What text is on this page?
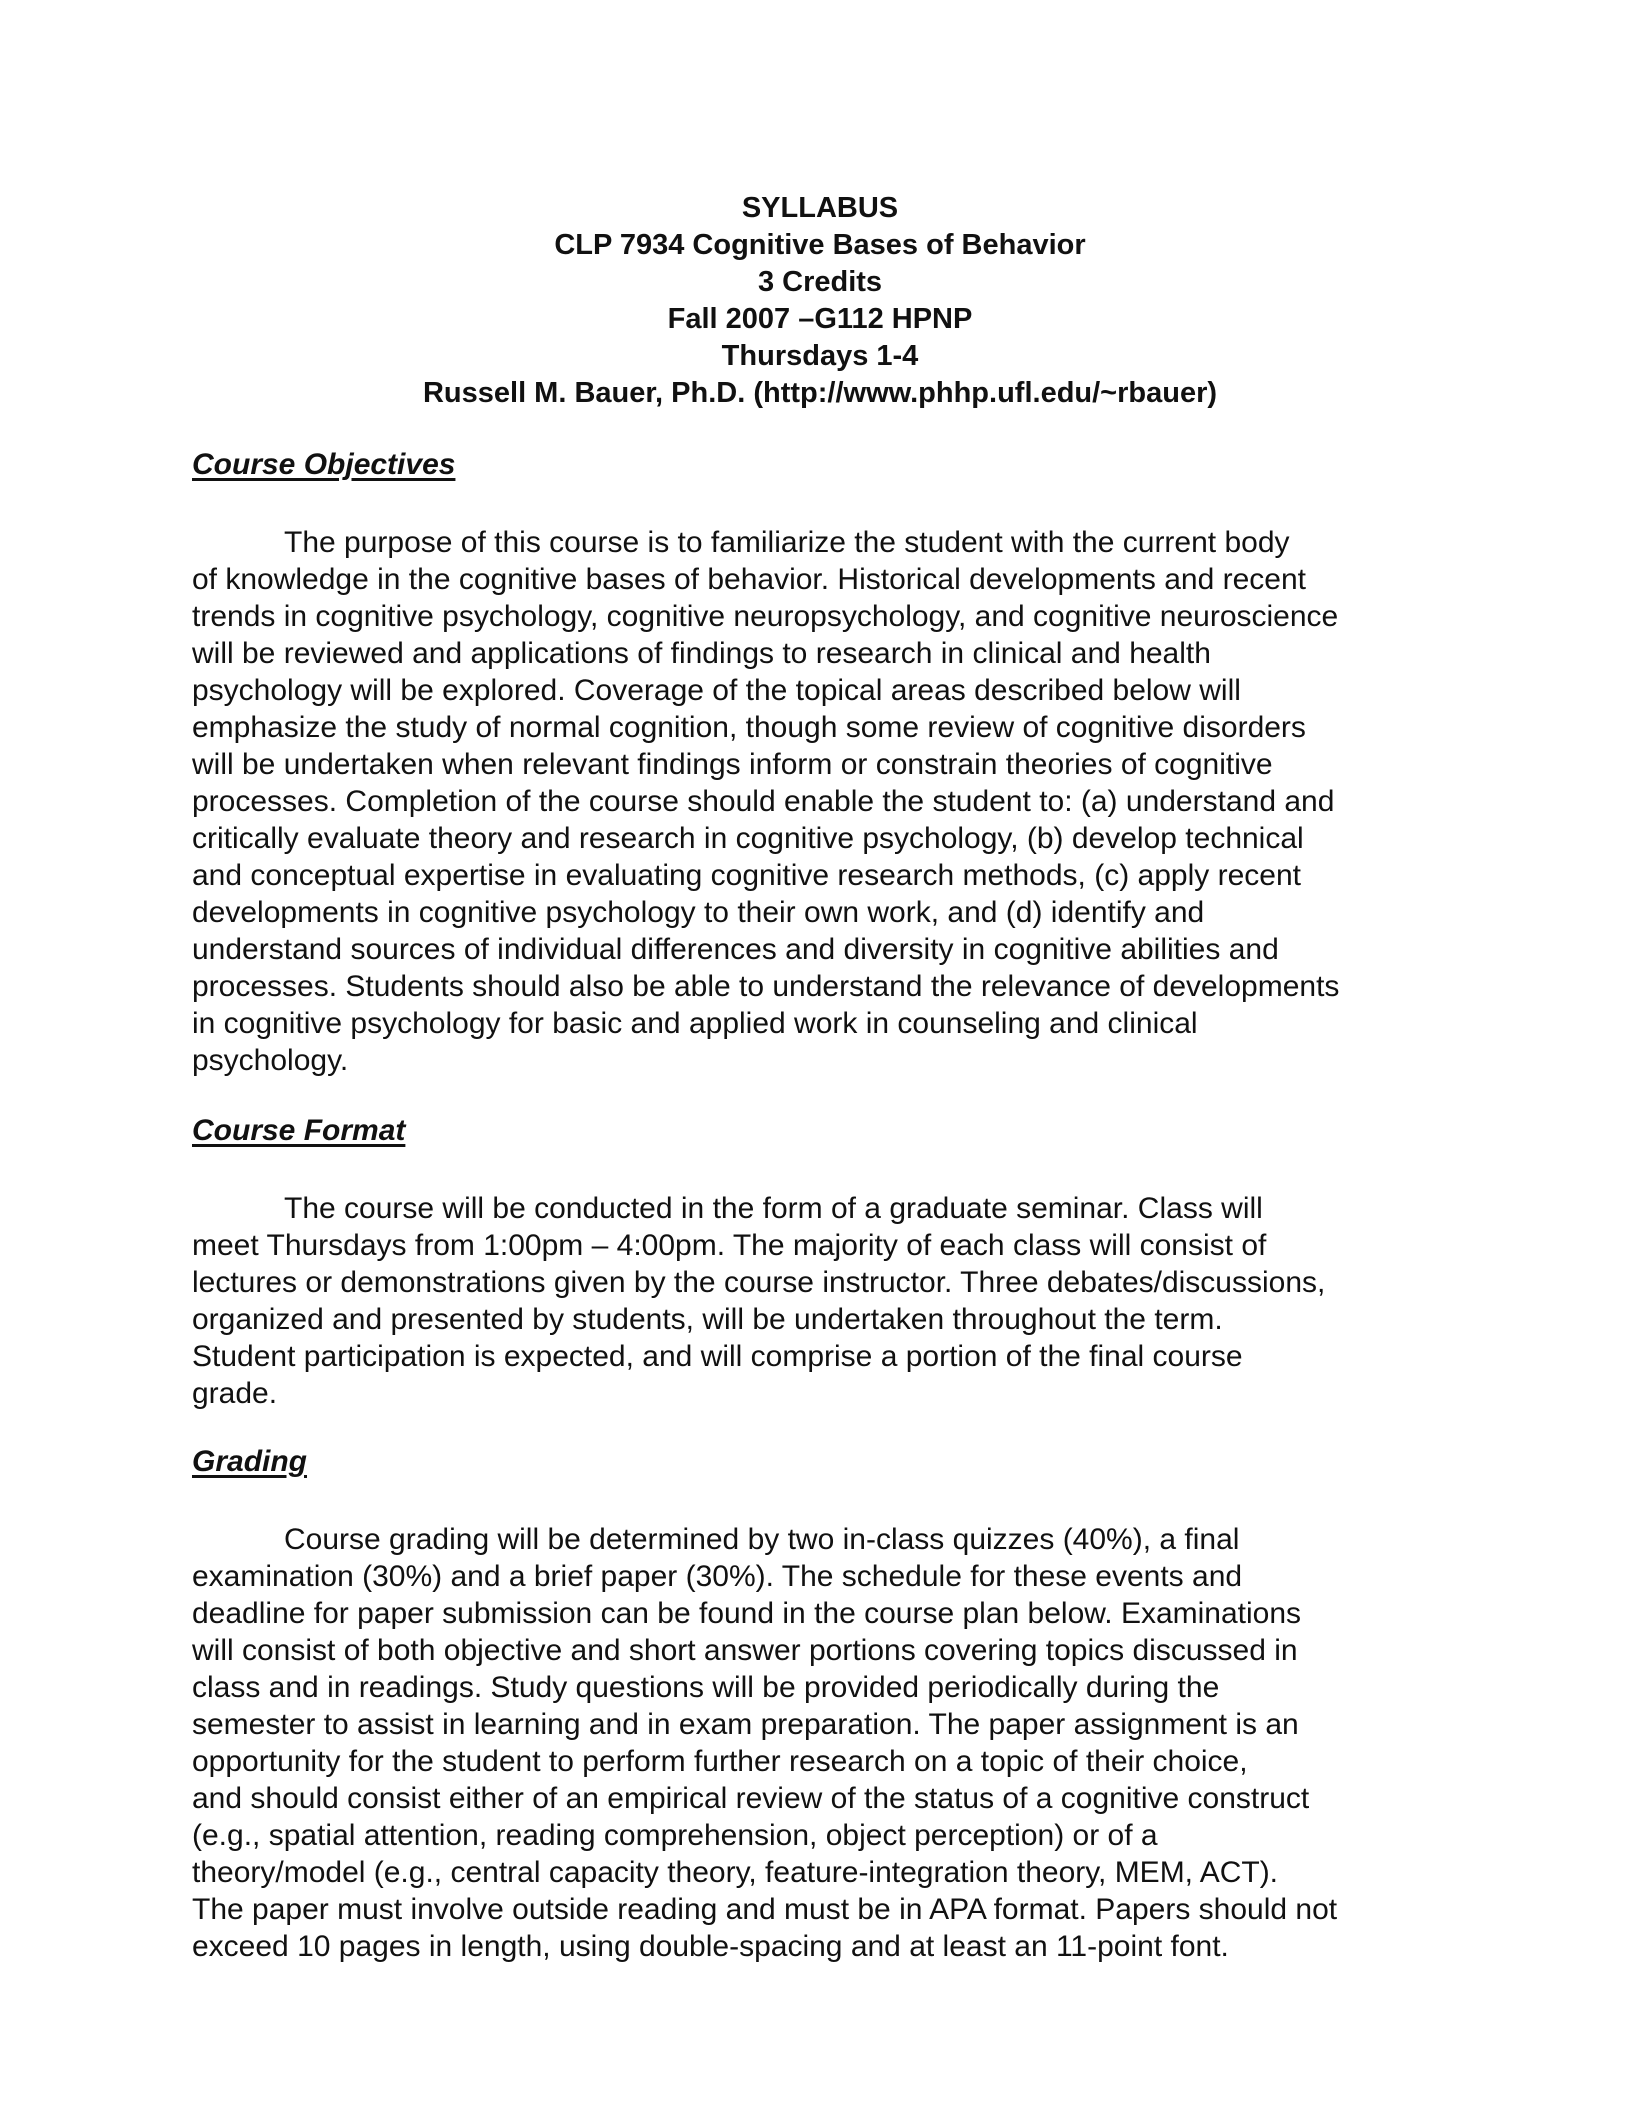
SYLLABUS
CLP 7934 Cognitive Bases of Behavior
3 Credits
Fall 2007 –G112 HPNP
Thursdays 1-4
Russell M. Bauer, Ph.D. (http://www.phhp.ufl.edu/~rbauer)
Course Objectives
The purpose of this course is to familiarize the student with the current body
of knowledge in the cognitive bases of behavior. Historical developments and recent
trends in cognitive psychology, cognitive neuropsychology, and cognitive neuroscience
will be reviewed and applications of findings to research in clinical and health
psychology will be explored. Coverage of the topical areas described below will
emphasize the study of normal cognition, though some review of cognitive disorders
will be undertaken when relevant findings inform or constrain theories of cognitive
processes. Completion of the course should enable the student to: (a) understand and
critically evaluate theory and research in cognitive psychology, (b) develop technical
and conceptual expertise in evaluating cognitive research methods, (c) apply recent
developments in cognitive psychology to their own work, and (d) identify and
understand sources of individual differences and diversity in cognitive abilities and
processes. Students should also be able to understand the relevance of developments
in cognitive psychology for basic and applied work in counseling and clinical
psychology.
Course Format
The course will be conducted in the form of a graduate seminar. Class will
meet Thursdays from 1:00pm – 4:00pm. The majority of each class will consist of
lectures or demonstrations given by the course instructor. Three debates/discussions,
organized and presented by students, will be undertaken throughout the term.
Student participation is expected, and will comprise a portion of the final course
grade.
Grading
Course grading will be determined by two in-class quizzes (40%), a final
examination (30%) and a brief paper (30%). The schedule for these events and
deadline for paper submission can be found in the course plan below. Examinations
will consist of both objective and short answer portions covering topics discussed in
class and in readings. Study questions will be provided periodically during the
semester to assist in learning and in exam preparation. The paper assignment is an
opportunity for the student to perform further research on a topic of their choice,
and should consist either of an empirical review of the status of a cognitive construct
(e.g., spatial attention, reading comprehension, object perception) or of a
theory/model (e.g., central capacity theory, feature-integration theory, MEM, ACT).
The paper must involve outside reading and must be in APA format. Papers should not
exceed 10 pages in length, using double-spacing and at least an 11-point font.
